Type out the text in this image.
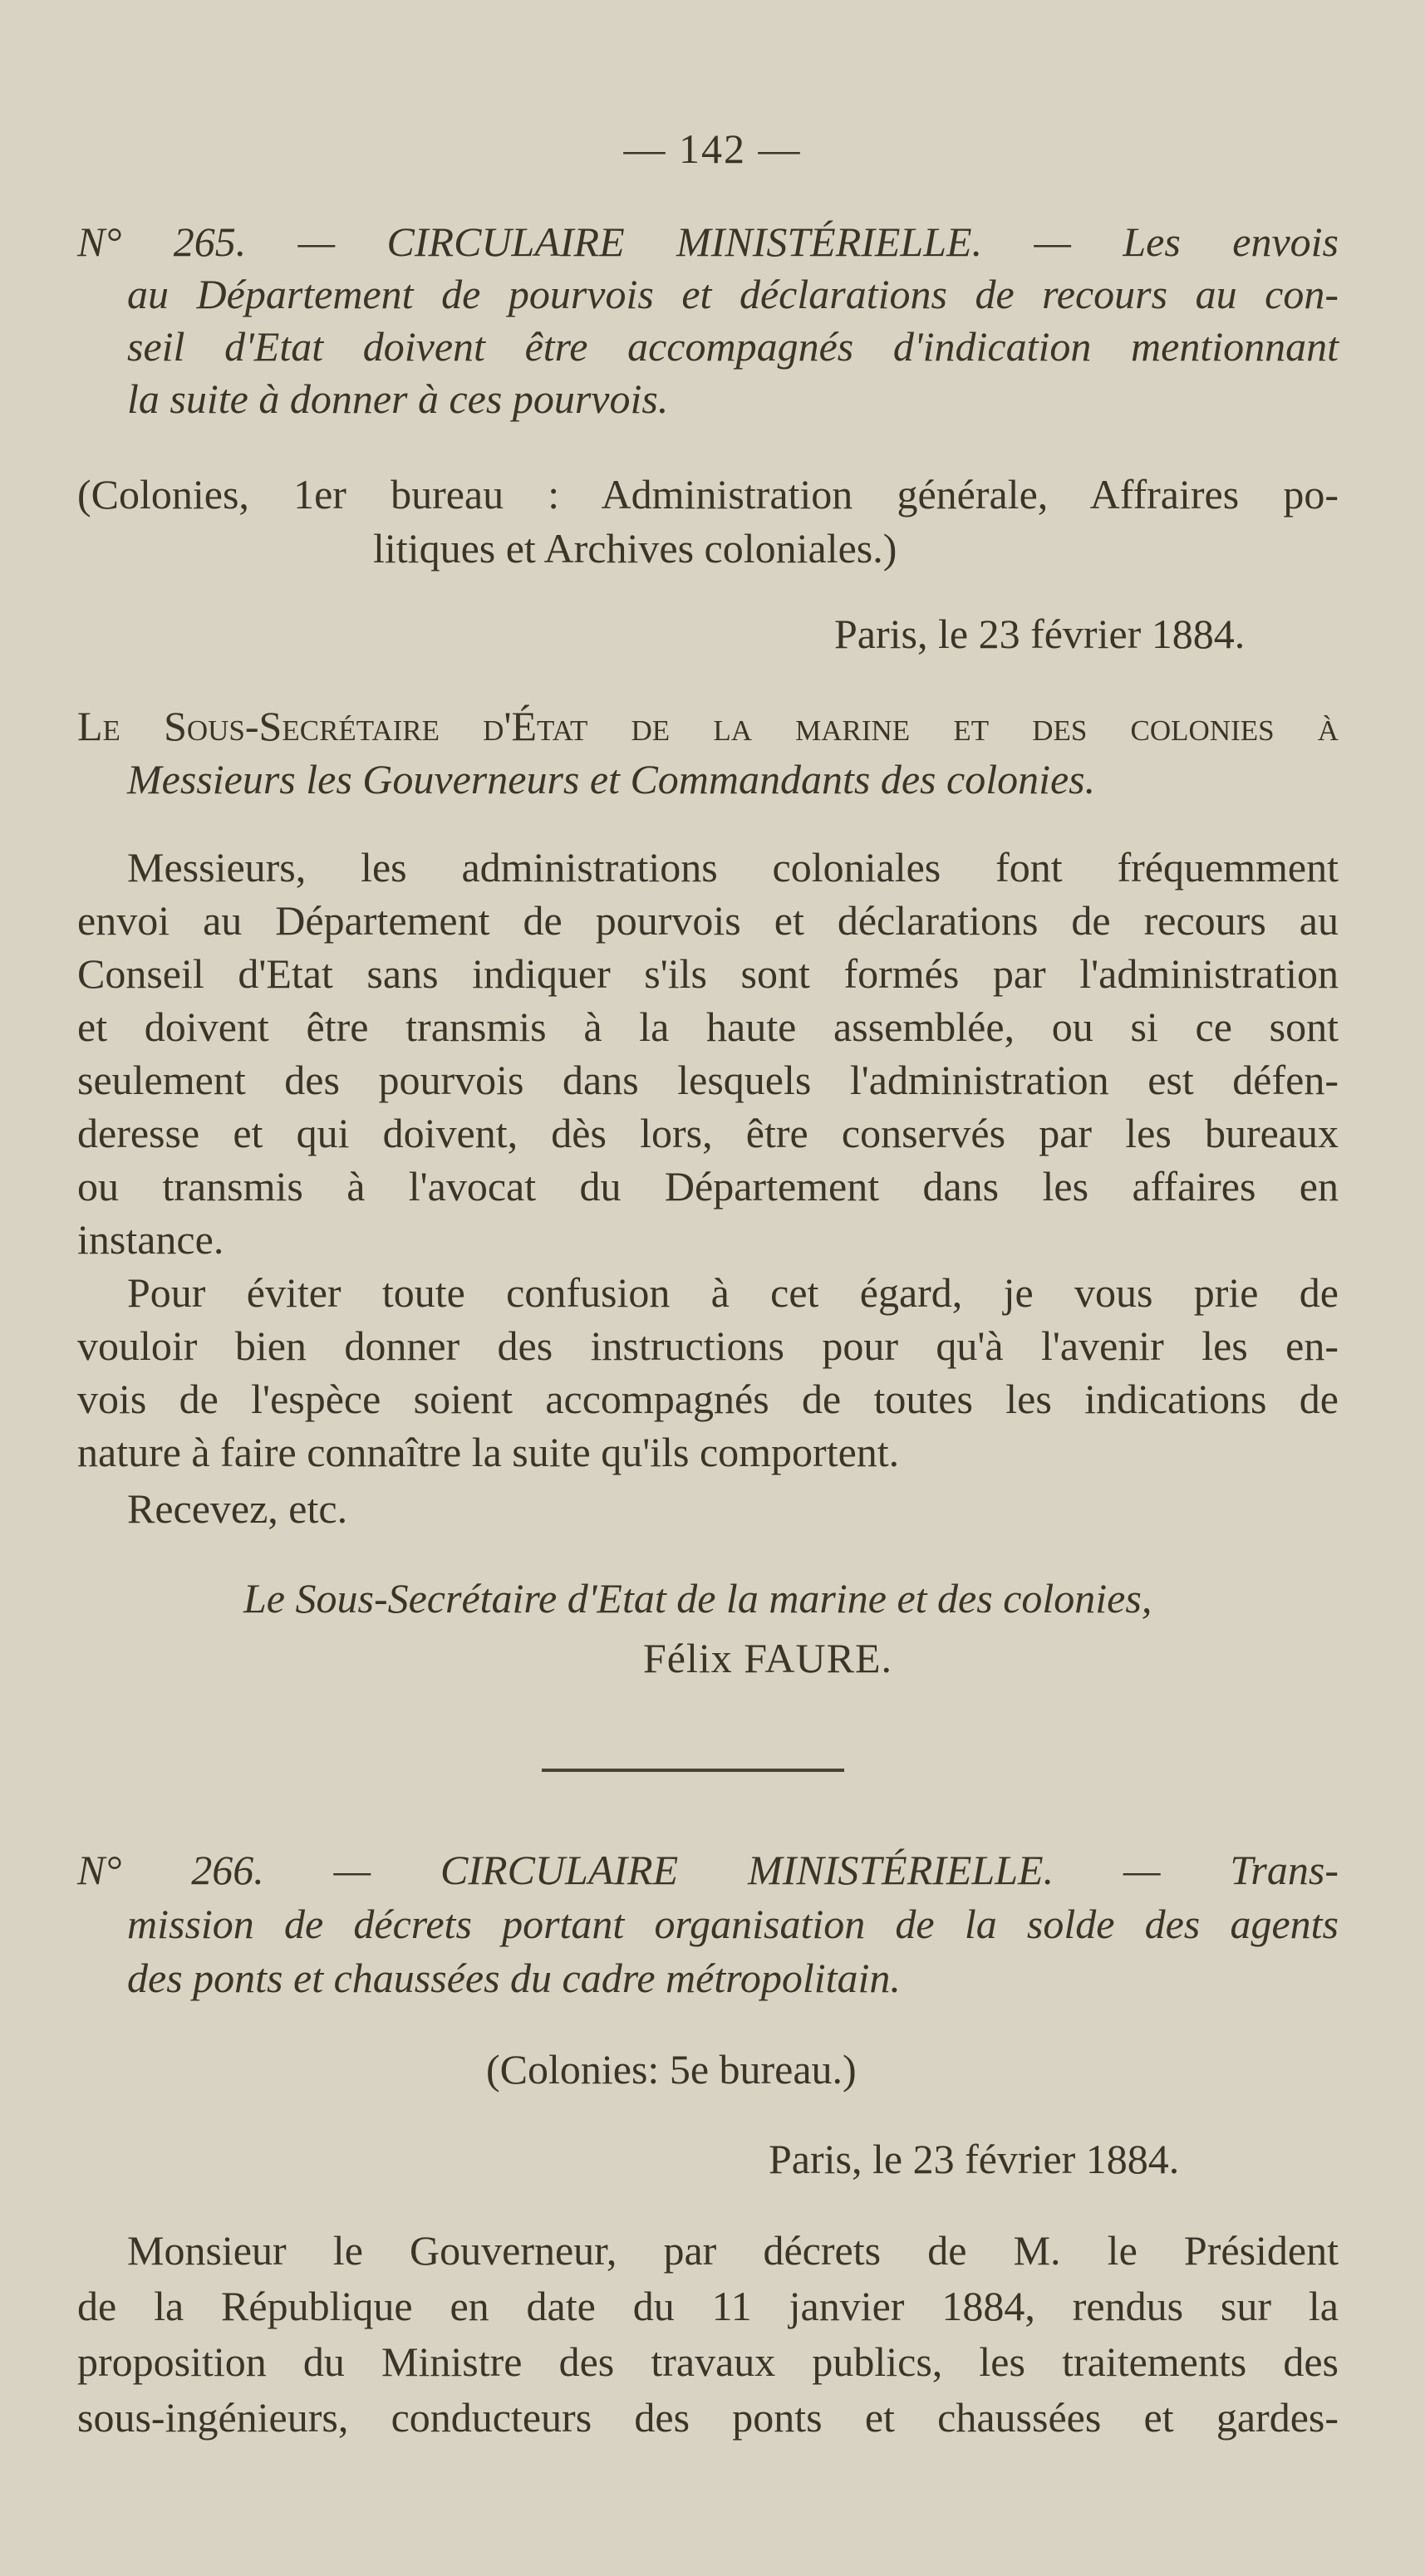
— 142 —
N° 265. — CIRCULAIRE MINISTÉRIELLE. — Les envois
au Département de pourvois et déclarations de recours au con-
seil d'Etat doivent être accompagnés d'indication mentionnant
la suite à donner à ces pourvois.
(Colonies, 1er bureau : Administration générale, Affraires po-
litiques et Archives coloniales.)
Paris, le 23 février 1884.
Le Sous-Secrétaire d'État de la marine et des colonies à
Messieurs les Gouverneurs et Commandants des colonies.
Messieurs, les administrations coloniales font fréquemment
envoi au Département de pourvois et déclarations de recours au
Conseil d'Etat sans indiquer s'ils sont formés par l'administration
et doivent être transmis à la haute assemblée, ou si ce sont
seulement des pourvois dans lesquels l'administration est défen-
deresse et qui doivent, dès lors, être conservés par les bureaux
ou transmis à l'avocat du Département dans les affaires en
instance.
Pour éviter toute confusion à cet égard, je vous prie de
vouloir bien donner des instructions pour qu'à l'avenir les en-
vois de l'espèce soient accompagnés de toutes les indications de
nature à faire connaître la suite qu'ils comportent.
Recevez, etc.
Le Sous-Secrétaire d'Etat de la marine et des colonies,
Félix FAURE.
N° 266. — CIRCULAIRE MINISTÉRIELLE. — Trans-
mission de décrets portant organisation de la solde des agents
des ponts et chaussées du cadre métropolitain.
(Colonies: 5e bureau.)
Paris, le 23 février 1884.
Monsieur le Gouverneur, par décrets de M. le Président
de la République en date du 11 janvier 1884, rendus sur la
proposition du Ministre des travaux publics, les traitements des
sous-ingénieurs, conducteurs des ponts et chaussées et gardes-
